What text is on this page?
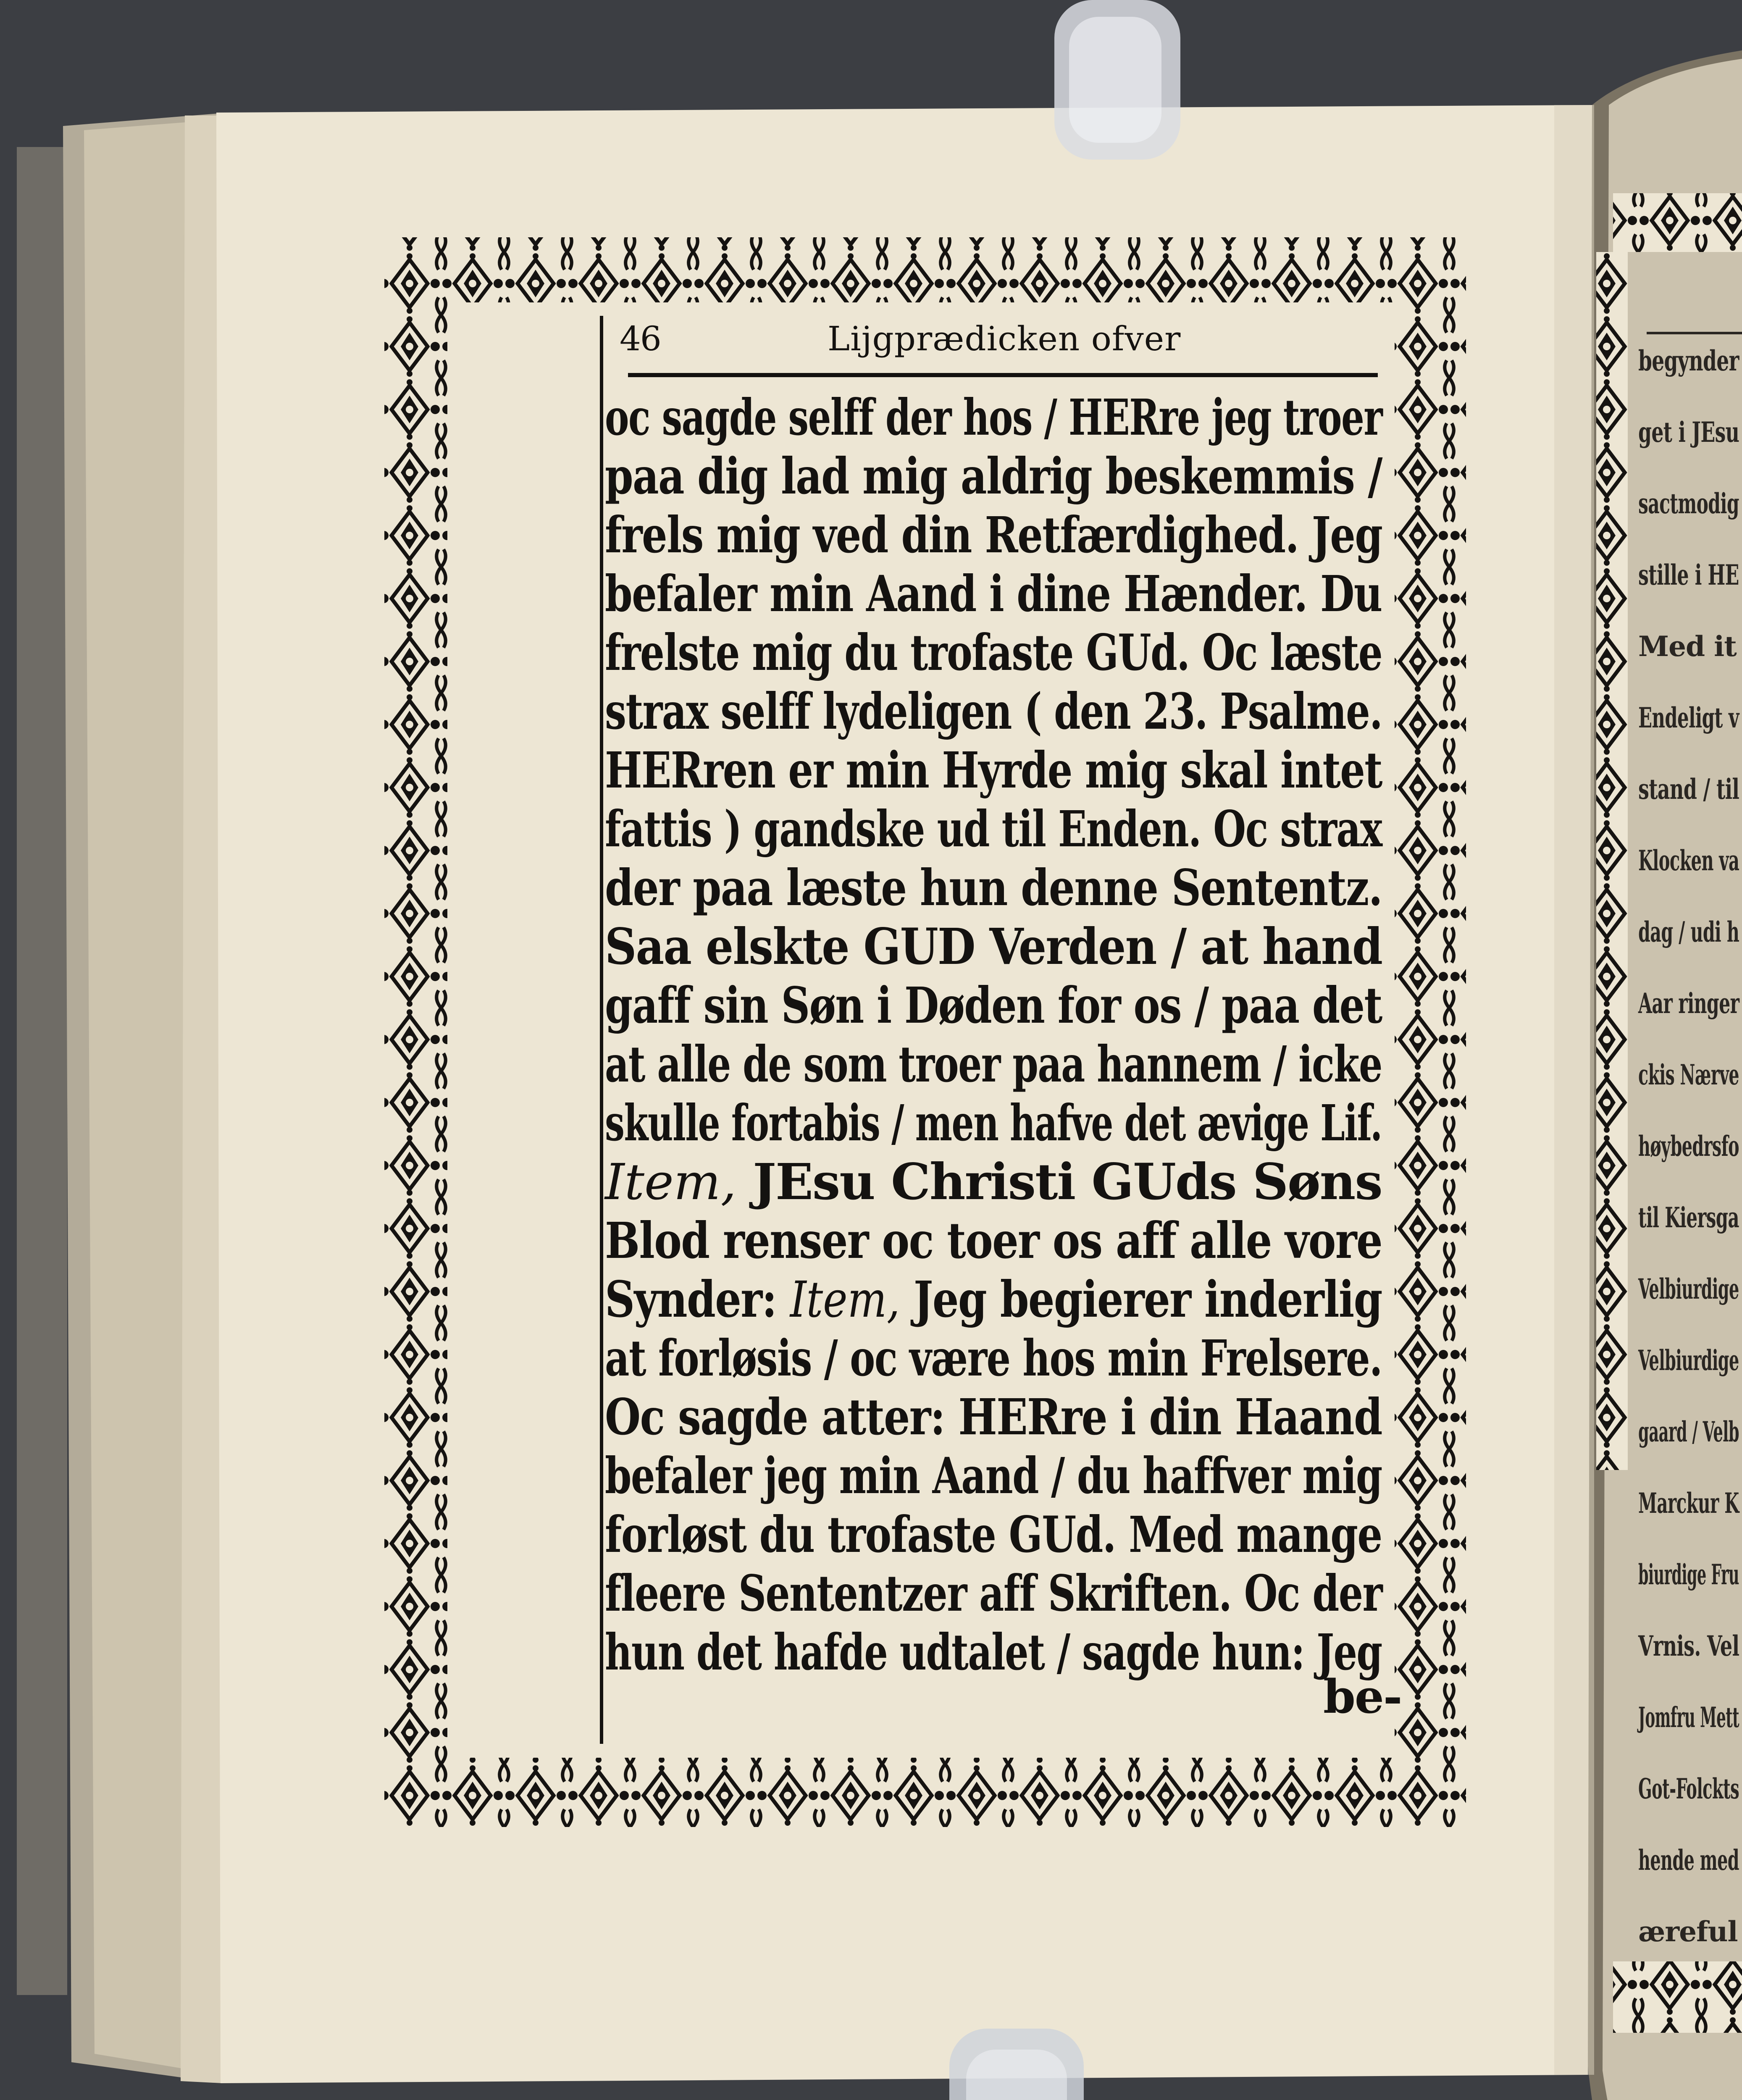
46	Lijgprædicken ofver

oc sagde selff der hos / HERre jeg troer

paa dig lad mig aldrig beskemmis /

frels mig ved din Retfærdighed. Jeg

befaler min Aand i dine Hænder. Du

frelste mig du trofaste GUd. Oc læste

strax selff lydeligen ( den 23. Psalme.

HERren er min Hyrde mig skal intet

fattis ) gandske ud til Enden. Oc strax

der paa læste hun denne Sententz.

Saa elskte GUD Verden / at hand

gaff sin Søn i Døden for os / paa det

at alle de som troer paa hannem / icke

skulle fortabis / men hafve det ævige Lif.

Item, JEsu Christi GUds Søns

Blod renser oc toer os aff alle vore

Synder: Item, Jeg begierer inderlig

at forløsis / oc være hos min Frelsere.

Oc sagde atter: HERre i din Haand

befaler jeg min Aand / du haffver mig

forløst du trofaste GUd. Med mange

fleere Sententzer aff Skriften. Oc der

hun det hafde udtalet / sagde hun: Jeg

be-

begynder

get i JEsu

sactmodig

stille i HE

Med it

Endeligt v

stand / til

Klocken va

dag / udi h

Aar ringer

ckis Nærve

høybedrsfo

til Kiersga

Velbiurdige

Velbiurdige

gaard / Velb

Marckur K

biurdige Fru

Vrnis. Vel

Jomfru Mett

Got-Folckts

hende med

æreful
